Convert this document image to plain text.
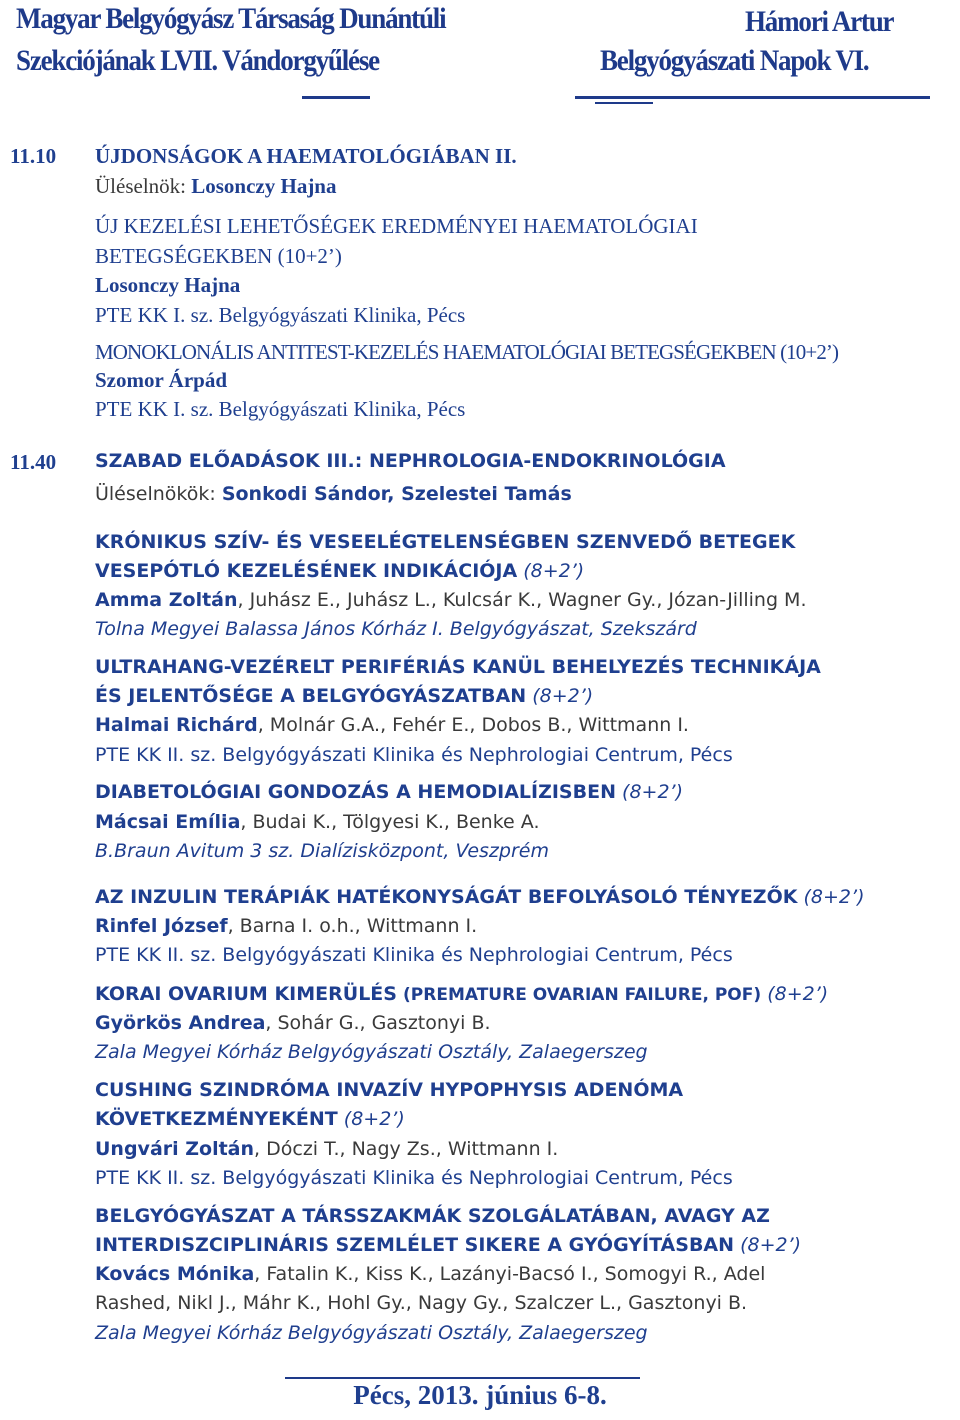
Magyar Belgyógyász Társaság Dunántúli
Szekciójának LVII. Vándorgyűlése
Hámori Artur
Belgyógyászati Napok VI.
11.10 ÚJDONSÁGOK A HAEMATOLÓGIÁBAN II.
Üléselnök: Losonczy Hajna
ÚJ KEZELÉSI LEHETŐSÉGEK EREDMÉNYEI HAEMATOLÓGIAI
BETEGSÉGEKBEN (10+2’)
Losonczy Hajna
PTE KK I. sz. Belgyógyászati Klinika, Pécs
MONOKLONÁLIS ANTITEST-KEZELÉS HAEMATOLÓGIAI BETEGSÉGEKBEN (10+2’)
Szomor Árpád
PTE KK I. sz. Belgyógyászati Klinika, Pécs
11.40 SZABAD ELŐADÁSOK III.: NEPHROLOGIA-ENDOKRINOLÓGIA
Üléselnökök: Sonkodi Sándor, Szelestei Tamás
KRÓNIKUS SZÍV- ÉS VESEELÉGTELENSÉGBEN SZENVEDŐ BETEGEK
VESEPÓTLÓ KEZELÉSÉNEK INDIKÁCIÓJA (8+2’)
Amma Zoltán, Juhász E., Juhász L., Kulcsár K., Wagner Gy., Józan-Jilling M.
Tolna Megyei Balassa János Kórház I. Belgyógyászat, Szekszárd
ULTRAHANG-VEZÉRELT PERIFÉRIÁS KANÜL BEHELYEZÉS TECHNIKÁJA
ÉS JELENTŐSÉGE A BELGYÓGYÁSZATBAN (8+2’)
Halmai Richárd, Molnár G.A., Fehér E., Dobos B., Wittmann I.
PTE KK II. sz. Belgyógyászati Klinika és Nephrologiai Centrum, Pécs
DIABETOLÓGIAI GONDOZÁS A HEMODIALÍZISBEN (8+2’)
Mácsai Emília, Budai K., Tölgyesi K., Benke A.
B.Braun Avitum 3 sz. Dialízisközpont, Veszprém
AZ INZULIN TERÁPIÁK HATÉKONYSÁGÁT BEFOLYÁSOLÓ TÉNYEZŐK (8+2’)
Rinfel József, Barna I. o.h., Wittmann I.
PTE KK II. sz. Belgyógyászati Klinika és Nephrologiai Centrum, Pécs
KORAI OVARIUM KIMERÜLÉS (PREMATURE OVARIAN FAILURE, POF) (8+2’)
Györkös Andrea, Sohár G., Gasztonyi B.
Zala Megyei Kórház Belgyógyászati Osztály, Zalaegerszeg
CUSHING SZINDRÓMA INVAZÍV HYPOPHYSIS ADENÓMA
KÖVETKEZMÉNYEKÉNT (8+2’)
Ungvári Zoltán, Dóczi T., Nagy Zs., Wittmann I.
PTE KK II. sz. Belgyógyászati Klinika és Nephrologiai Centrum, Pécs
BELGYÓGYÁSZAT A TÁRSSZAKMÁK SZOLGÁLATÁBAN, AVAGY AZ
INTERDISZCIPLINÁRIS SZEMLÉLET SIKERE A GYÓGYÍTÁSBAN (8+2’)
Kovács Mónika, Fatalin K., Kiss K., Lazányi-Bacsó I., Somogyi R., Adel
Rashed, Nikl J., Máhr K., Hohl Gy., Nagy Gy., Szalczer L., Gasztonyi B.
Zala Megyei Kórház Belgyógyászati Osztály, Zalaegerszeg
Pécs, 2013. június 6-8.
